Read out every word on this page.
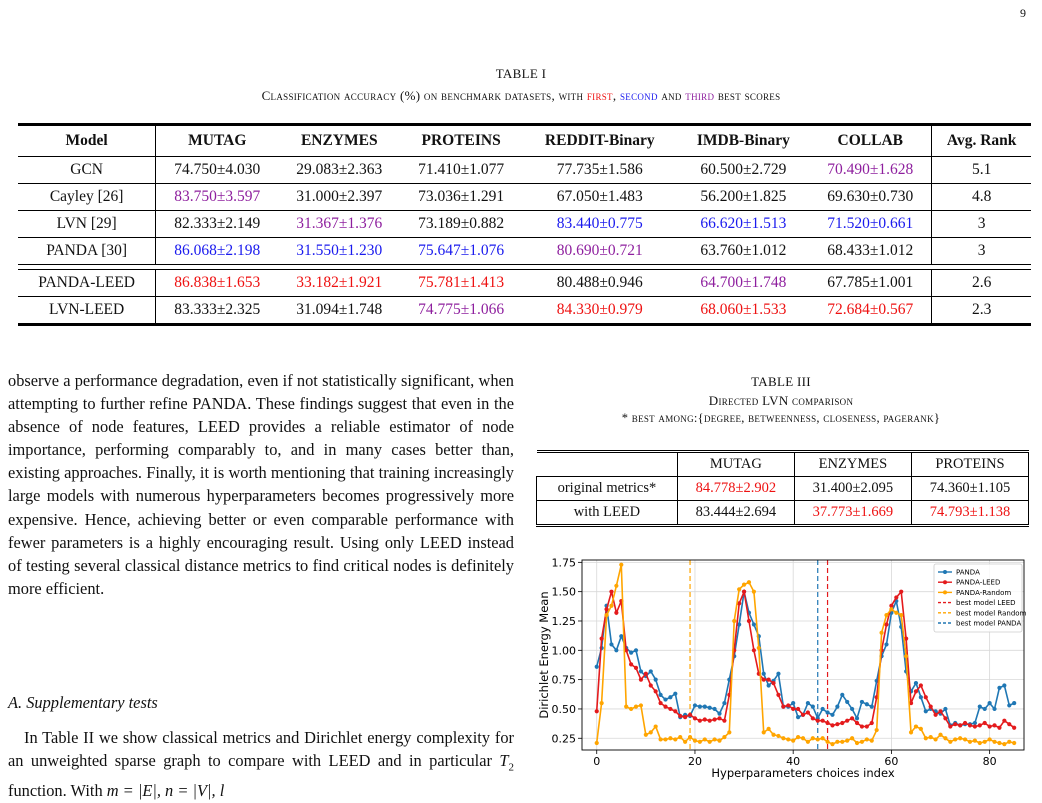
9
TABLE I
Classification accuracy (%) on benchmark datasets, with first, second and third best scores
Model	MUTAG	ENZYMES	PROTEINS	REDDIT-Binary	IMDB-Binary	COLLAB	Avg. Rank
GCN	74.750±4.030	29.083±2.363	71.410±1.077	77.735±1.586	60.500±2.729	70.490±1.628	5.1
Cayley [26]	83.750±3.597	31.000±2.397	73.036±1.291	67.050±1.483	56.200±1.825	69.630±0.730	4.8
LVN [29]	82.333±2.149	31.367±1.376	73.189±0.882	83.440±0.775	66.620±1.513	71.520±0.661	3
PANDA [30]	86.068±2.198	31.550±1.230	75.647±1.076	80.690±0.721	63.760±1.012	68.433±1.012	3

PANDA-LEED	86.838±1.653	33.182±1.921	75.781±1.413	80.488±0.946	64.700±1.748	67.785±1.001	2.6
LVN-LEED	83.333±2.325	31.094±1.748	74.775±1.066	84.330±0.979	68.060±1.533	72.684±0.567	2.3
observe a performance degradation, even if not statistically significant, when attempting to further refine PANDA. These findings suggest that even in the absence of node features, LEED provides a reliable estimator of node importance, performing comparably to, and in many cases better than, existing approaches. Finally, it is worth mentioning that training increasingly large models with numerous hyperparameters becomes progressively more expensive. Hence, achieving better or even comparable performance with fewer parameters is a highly encouraging result. Using only LEED instead of testing several classical distance metrics to find critical nodes is definitely more efficient.
A. Supplementary tests
In Table II we show classical metrics and Dirichlet energy complexity for an unweighted sparse graph to compare with LEED and in particular $T_2$ function. With m = |E|, n = |V|, l
TABLE III
Directed LVN comparison
* best among:{degree, betweenness, closeness, pagerank}
	MUTAG	ENZYMES	PROTEINS
original metrics*	84.778±2.902	31.400±2.095	74.360±1.105
with LEED	83.444±2.694	37.773±1.669	74.793±1.138
0	20	40	60	80
0.25
0.50
0.75
1.00
1.25
1.50
1.75
Hyperparameters choices index
Dirichlet Energy Mean
PANDA
PANDA-LEED
PANDA-Random
best model LEED
best model Random
best model PANDA
